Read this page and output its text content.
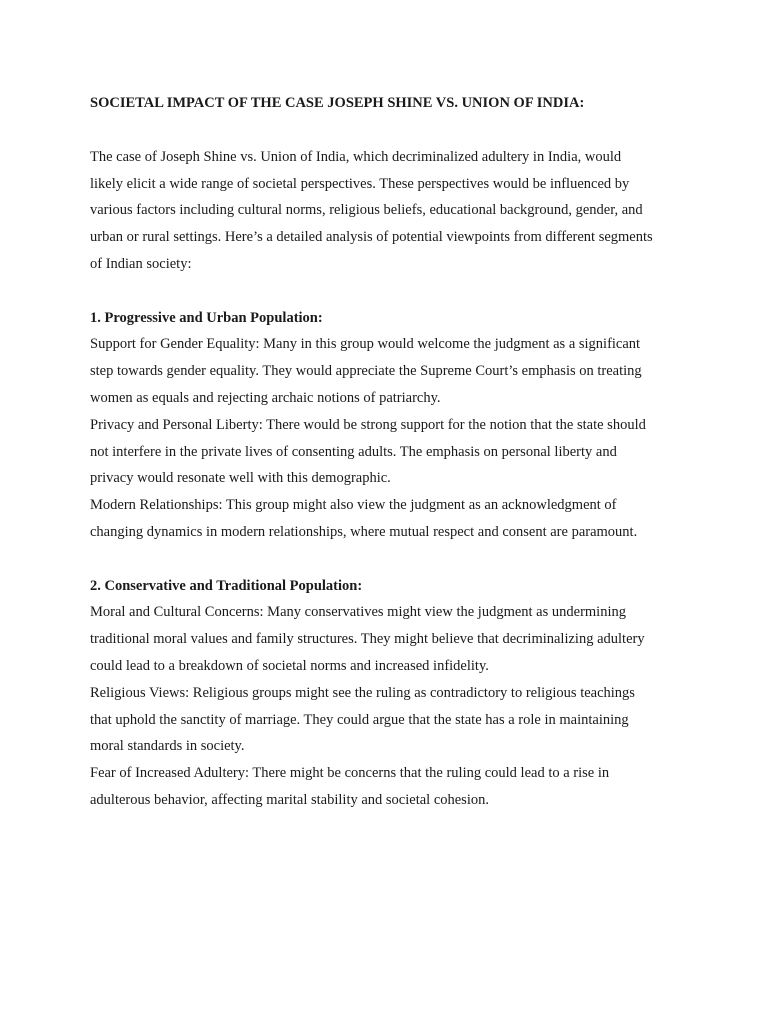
SOCIETAL IMPACT OF THE CASE JOSEPH SHINE VS. UNION OF INDIA:

The case of Joseph Shine vs. Union of India, which decriminalized adultery in India, would
likely elicit a wide range of societal perspectives. These perspectives would be influenced by
various factors including cultural norms, religious beliefs, educational background, gender, and
urban or rural settings. Here’s a detailed analysis of potential viewpoints from different segments
of Indian society:

1. Progressive and Urban Population:

Support for Gender Equality: Many in this group would welcome the judgment as a significant
step towards gender equality. They would appreciate the Supreme Court’s emphasis on treating
women as equals and rejecting archaic notions of patriarchy.
Privacy and Personal Liberty: There would be strong support for the notion that the state should
not interfere in the private lives of consenting adults. The emphasis on personal liberty and
privacy would resonate well with this demographic.
Modern Relationships: This group might also view the judgment as an acknowledgment of
changing dynamics in modern relationships, where mutual respect and consent are paramount.

2. Conservative and Traditional Population:

Moral and Cultural Concerns: Many conservatives might view the judgment as undermining
traditional moral values and family structures. They might believe that decriminalizing adultery
could lead to a breakdown of societal norms and increased infidelity.
Religious Views: Religious groups might see the ruling as contradictory to religious teachings
that uphold the sanctity of marriage. They could argue that the state has a role in maintaining
moral standards in society.
Fear of Increased Adultery: There might be concerns that the ruling could lead to a rise in
adulterous behavior, affecting marital stability and societal cohesion.
